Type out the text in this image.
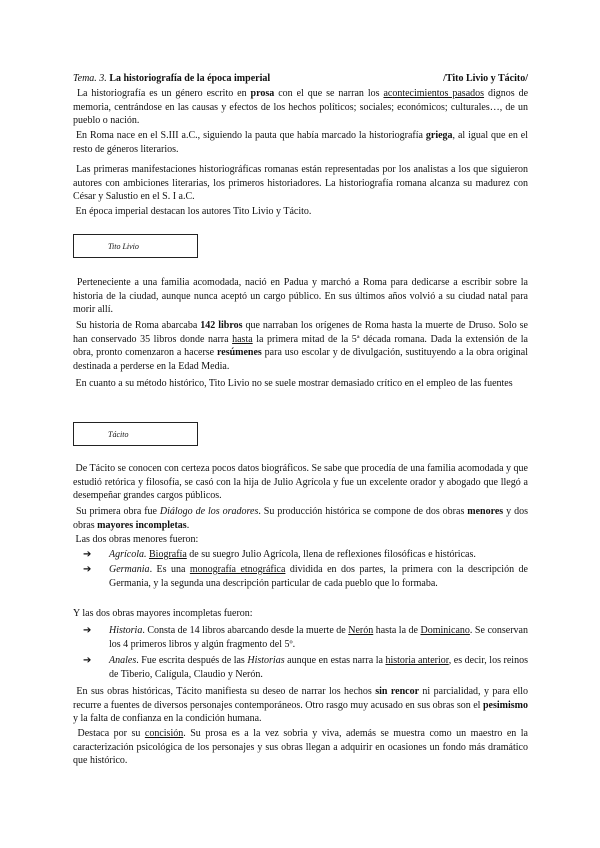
Tema. 3. La historiografía de la época imperial	/Tito Livio y Tácito/
La historiografía es un género escrito en prosa con el que se narran los acontecimientos pasados dignos de memoria, centrándose en las causas y efectos de los hechos políticos; sociales; económicos; culturales…, de un pueblo o nación.
En Roma nace en el S.III a.C., siguiendo la pauta que había marcado la historiografía griega, al igual que en el resto de géneros literarios.
Las primeras manifestaciones historiográficas romanas están representadas por los analistas a los que siguieron autores con ambiciones literarias, los primeros historiadores. La historiografía romana alcanza su madurez con César y Salustio en el S. I a.C.
En época imperial destacan los autores Tito Livio y Tácito.
Tito Livio
Perteneciente a una familia acomodada, nació en Padua y marchó a Roma para dedicarse a escribir sobre la historia de la ciudad, aunque nunca aceptó un cargo público. En sus últimos años volvió a su ciudad natal para morir allí.
Su historia de Roma abarcaba 142 libros que narraban los orígenes de Roma hasta la muerte de Druso. Solo se han conservado 35 libros donde narra hasta la primera mitad de la 5ª década romana. Dada la extensión de la obra, pronto comenzaron a hacerse resúmenes para uso escolar y de divulgación, sustituyendo a la obra original destinada a perderse en la Edad Media.
En cuanto a su método histórico, Tito Livio no se suele mostrar demasiado crítico en el empleo de las fuentes
Tácito
De Tácito se conocen con certeza pocos datos biográficos. Se sabe que procedía de una familia acomodada y que estudió retórica y filosofía, se casó con la hija de Julio Agrícola y fue un excelente orador y abogado que llegó a desempeñar grandes cargos públicos.
Su primera obra fue Diálogo de los oradores. Su producción histórica se compone de dos obras menores y dos obras mayores incompletas.
Las dos obras menores fueron:
➔ Agrícola. Biografía de su suegro Julio Agrícola, llena de reflexiones filosóficas e históricas.
➔ Germania. Es una monografía etnográfica dividida en dos partes, la primera con la descripción de Germania, y la segunda una descripción particular de cada pueblo que lo formaba.
Y las dos obras mayores incompletas fueron:
➔ Historia. Consta de 14 libros abarcando desde la muerte de Nerón hasta la de Dominicano. Se conservan los 4 primeros libros y algún fragmento del 5º.
➔ Anales. Fue escrita después de las Historias aunque en estas narra la historia anterior, es decir, los reinos de Tiberio, Calígula, Claudio y Nerón.
En sus obras históricas, Tácito manifiesta su deseo de narrar los hechos sin rencor ni parcialidad, y para ello recurre a fuentes de diversos personajes contemporáneos. Otro rasgo muy acusado en sus obras son el pesimismo y la falta de confianza en la condición humana.
Destaca por su concisión. Su prosa es a la vez sobria y viva, además se muestra como un maestro en la caracterización psicológica de los personajes y sus obras llegan a adquirir en ocasiones un fondo más dramático que histórico.
